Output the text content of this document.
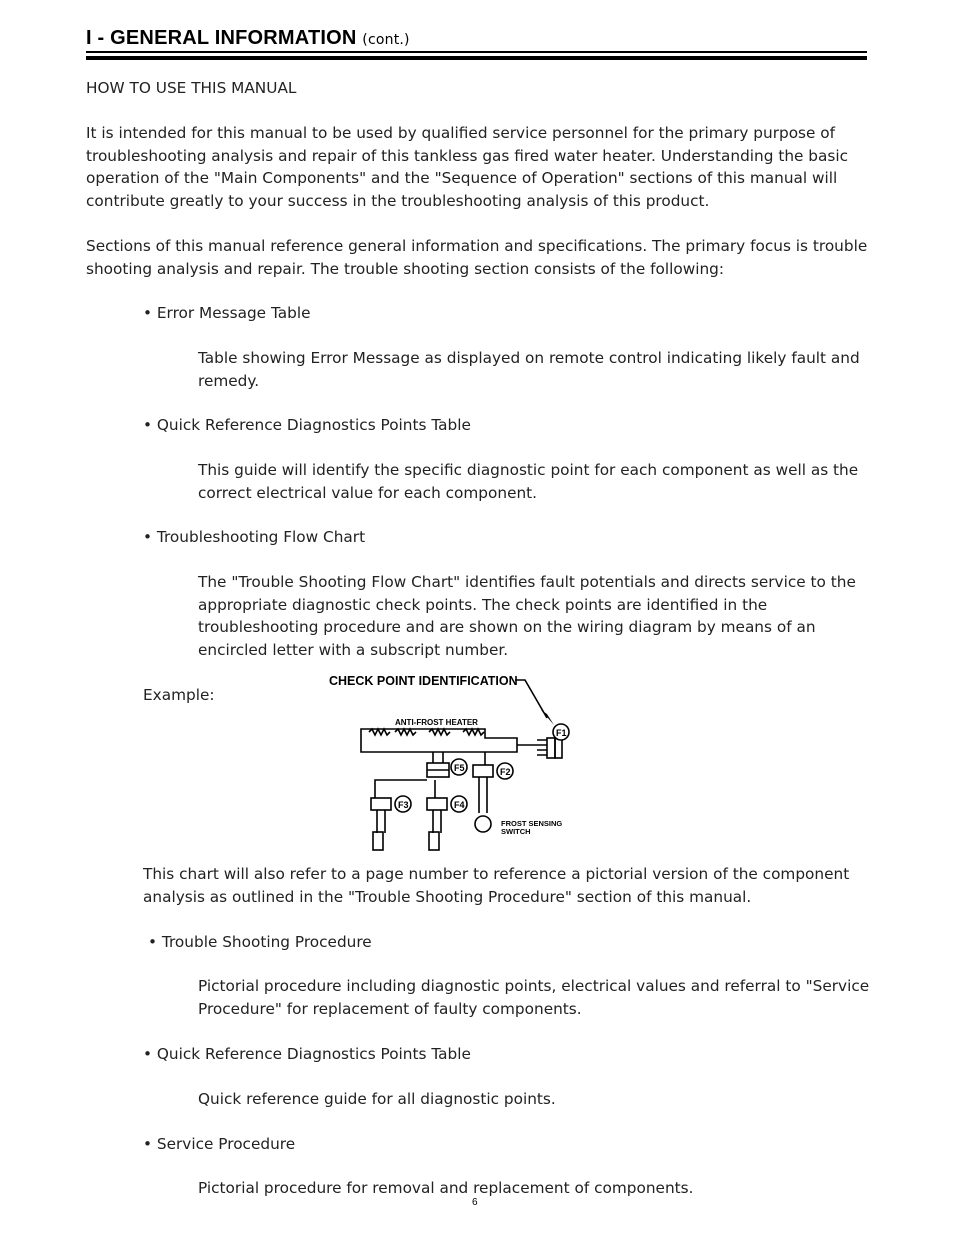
I - GENERAL INFORMATION (cont.)
HOW TO USE THIS MANUAL
It is intended for this manual to be used by qualified service personnel for the primary purpose of troubleshooting analysis and repair of this tankless gas fired water heater. Understanding the basic operation of the "Main Components" and the "Sequence of Operation" sections of this manual will contribute greatly to your success in the troubleshooting analysis of this product.
Sections of this manual reference general information and specifications. The primary focus is trouble shooting analysis and repair. The trouble shooting section consists of the following:
• Error Message Table
Table showing Error Message as displayed on remote control indicating likely fault and remedy.
• Quick Reference Diagnostics Points Table
This guide will identify the specific diagnostic point for each component as well as the correct electrical value for each component.
• Troubleshooting Flow Chart
The "Trouble Shooting Flow Chart" identifies fault potentials and directs service to the appropriate diagnostic check points. The check points are identified in the troubleshooting procedure and are shown on the wiring diagram by means of an encircled letter with a subscript number.
Example:
CHECK POINT IDENTIFICATION
ANTI-FROST HEATER
FROST SENSING
SWITCH
F1
F2
F3	F4
F5
This chart will also refer to a page number to reference a pictorial version of the component analysis as outlined in the "Trouble Shooting Procedure" section of this manual.
• Trouble Shooting Procedure
Pictorial procedure including diagnostic points, electrical values and referral to "Service Procedure" for replacement of faulty components.
• Quick Reference Diagnostics Points Table
Quick reference guide for all diagnostic points.
• Service Procedure
Pictorial procedure for removal and replacement of components.
6
